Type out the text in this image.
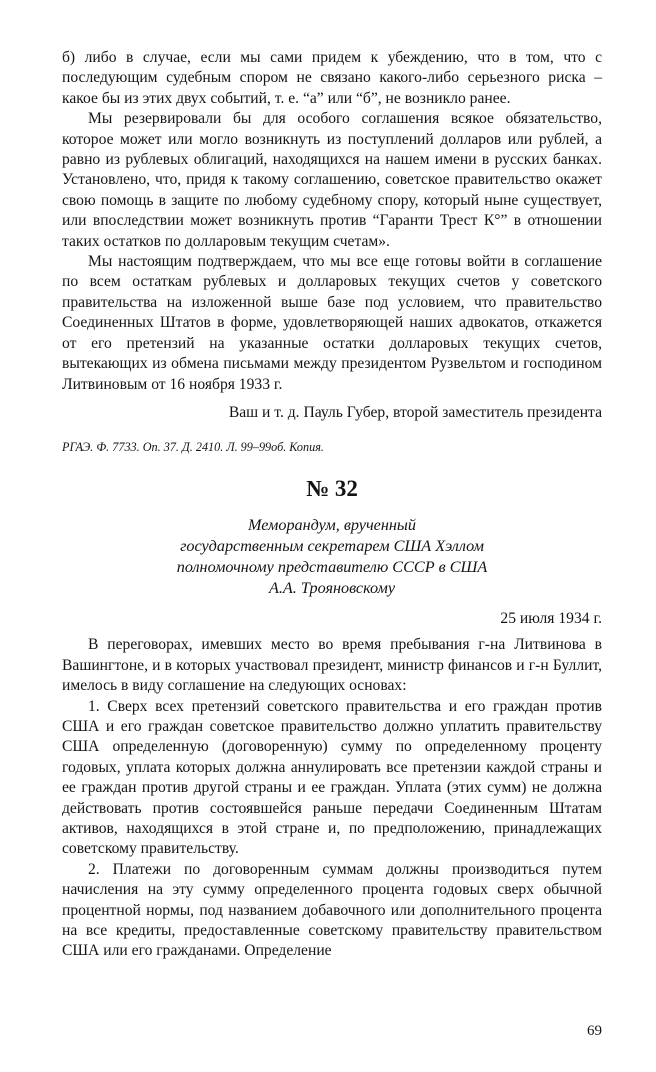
б) либо в случае, если мы сами придем к убеждению, что в том, что с последующим судебным спором не связано какого-либо серьезного риска – какое бы из этих двух событий, т. е. “а” или “б”, не возникло ранее.

Мы резервировали бы для особого соглашения всякое обязательство, которое может или могло возникнуть из поступлений долларов или рублей, а равно из рублевых облигаций, находящихся на нашем имени в русских банках. Установлено, что, придя к такому соглашению, советское правительство окажет свою помощь в защите по любому судебному спору, который ныне существует, или впоследствии может возникнуть против “Гаранти Трест К°” в отношении таких остатков по долларовым текущим счетам».

Мы настоящим подтверждаем, что мы все еще готовы войти в соглашение по всем остаткам рублевых и долларовых текущих счетов у советского правительства на изложенной выше базе под условием, что правительство Соединенных Штатов в форме, удовлетворяющей наших адвокатов, откажется от его претензий на указанные остатки долларовых текущих счетов, вытекающих из обмена письмами между президентом Рузвельтом и господином Литвиновым от 16 ноября 1933 г.

Ваш и т. д. Пауль Губер, второй заместитель президента

РГАЭ. Ф. 7733. Оп. 37. Д. 2410. Л. 99–99об. Копия.

№ 32
Меморандум, врученный
государственным секретарем США Хэллом
полномочному представителю СССР в США
А.А. Трояновскому
25 июля 1934 г.

В переговорах, имевших место во время пребывания г-на Литвинова в Вашингтоне, и в которых участвовал президент, министр финансов и г-н Буллит, имелось в виду соглашение на следующих основах:

1. Сверх всех претензий советского правительства и его граждан против США и его граждан советское правительство должно уплатить правительству США определенную (договоренную) сумму по определенному проценту годовых, уплата которых должна аннулировать все претензии каждой страны и ее граждан против другой страны и ее граждан. Уплата (этих сумм) не должна действовать против состоявшейся раньше передачи Соединенным Штатам активов, находящихся в этой стране и, по предположению, принадлежащих советскому правительству.

2. Платежи по договоренным суммам должны производиться путем начисления на эту сумму определенного процента годовых сверх обычной процентной нормы, под названием добавочного или дополнительного процента на все кредиты, предоставленные советскому правительству правительством США или его гражданами. Определение

69
